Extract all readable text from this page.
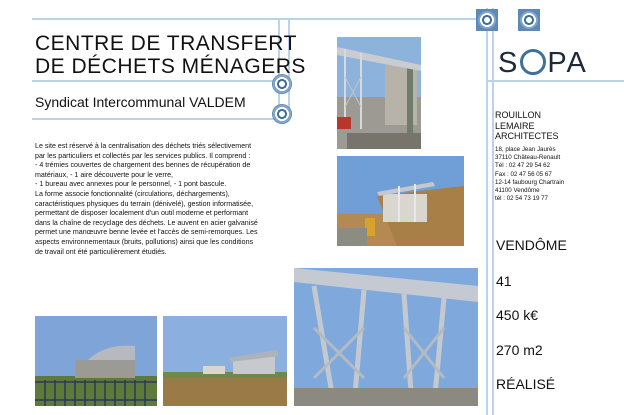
CENTRE DE TRANSFERT
DE DÉCHETS MÉNAGERS
Syndicat Intercommunal VALDEM
Le site est réservé à la centralisation des déchets triés sélectivement par les particuliers et collectés par les services publics. Il comprend :
- 4 trémies couvertes de chargement des bennes de récupération de matériaux, - 1 aire découverte pour le verre,
- 1 bureau avec annexes pour le personnel, - 1 pont bascule.
La forme associe fonctionnalité (circulations, déchargements), caractéristiques physiques du terrain (dénivelé), gestion informatisée, permettant de disposer localement d'un outil moderne et performant dans la chaîne de recyclage des déchets. Le auvent en acier galvanisé permet une manœuvre benne levée et l'accès de semi-remorques. Les aspects environnementaux (bruits, pollutions) ainsi que les conditions de travail ont été particulièrement étudiés.
S PA
ROUILLON
LEMAIRE
ARCHITECTES
18, place Jean Jaurès
37110 Château-Renault
Tél : 02 47 29 54 62
Fax : 02 47 56 05 67
12-14 faubourg Chartrain
41100 Vendôme
tél : 02 54 73 19 77
VENDÔME
41
450 k€
270 m2
RÉALISÉ
